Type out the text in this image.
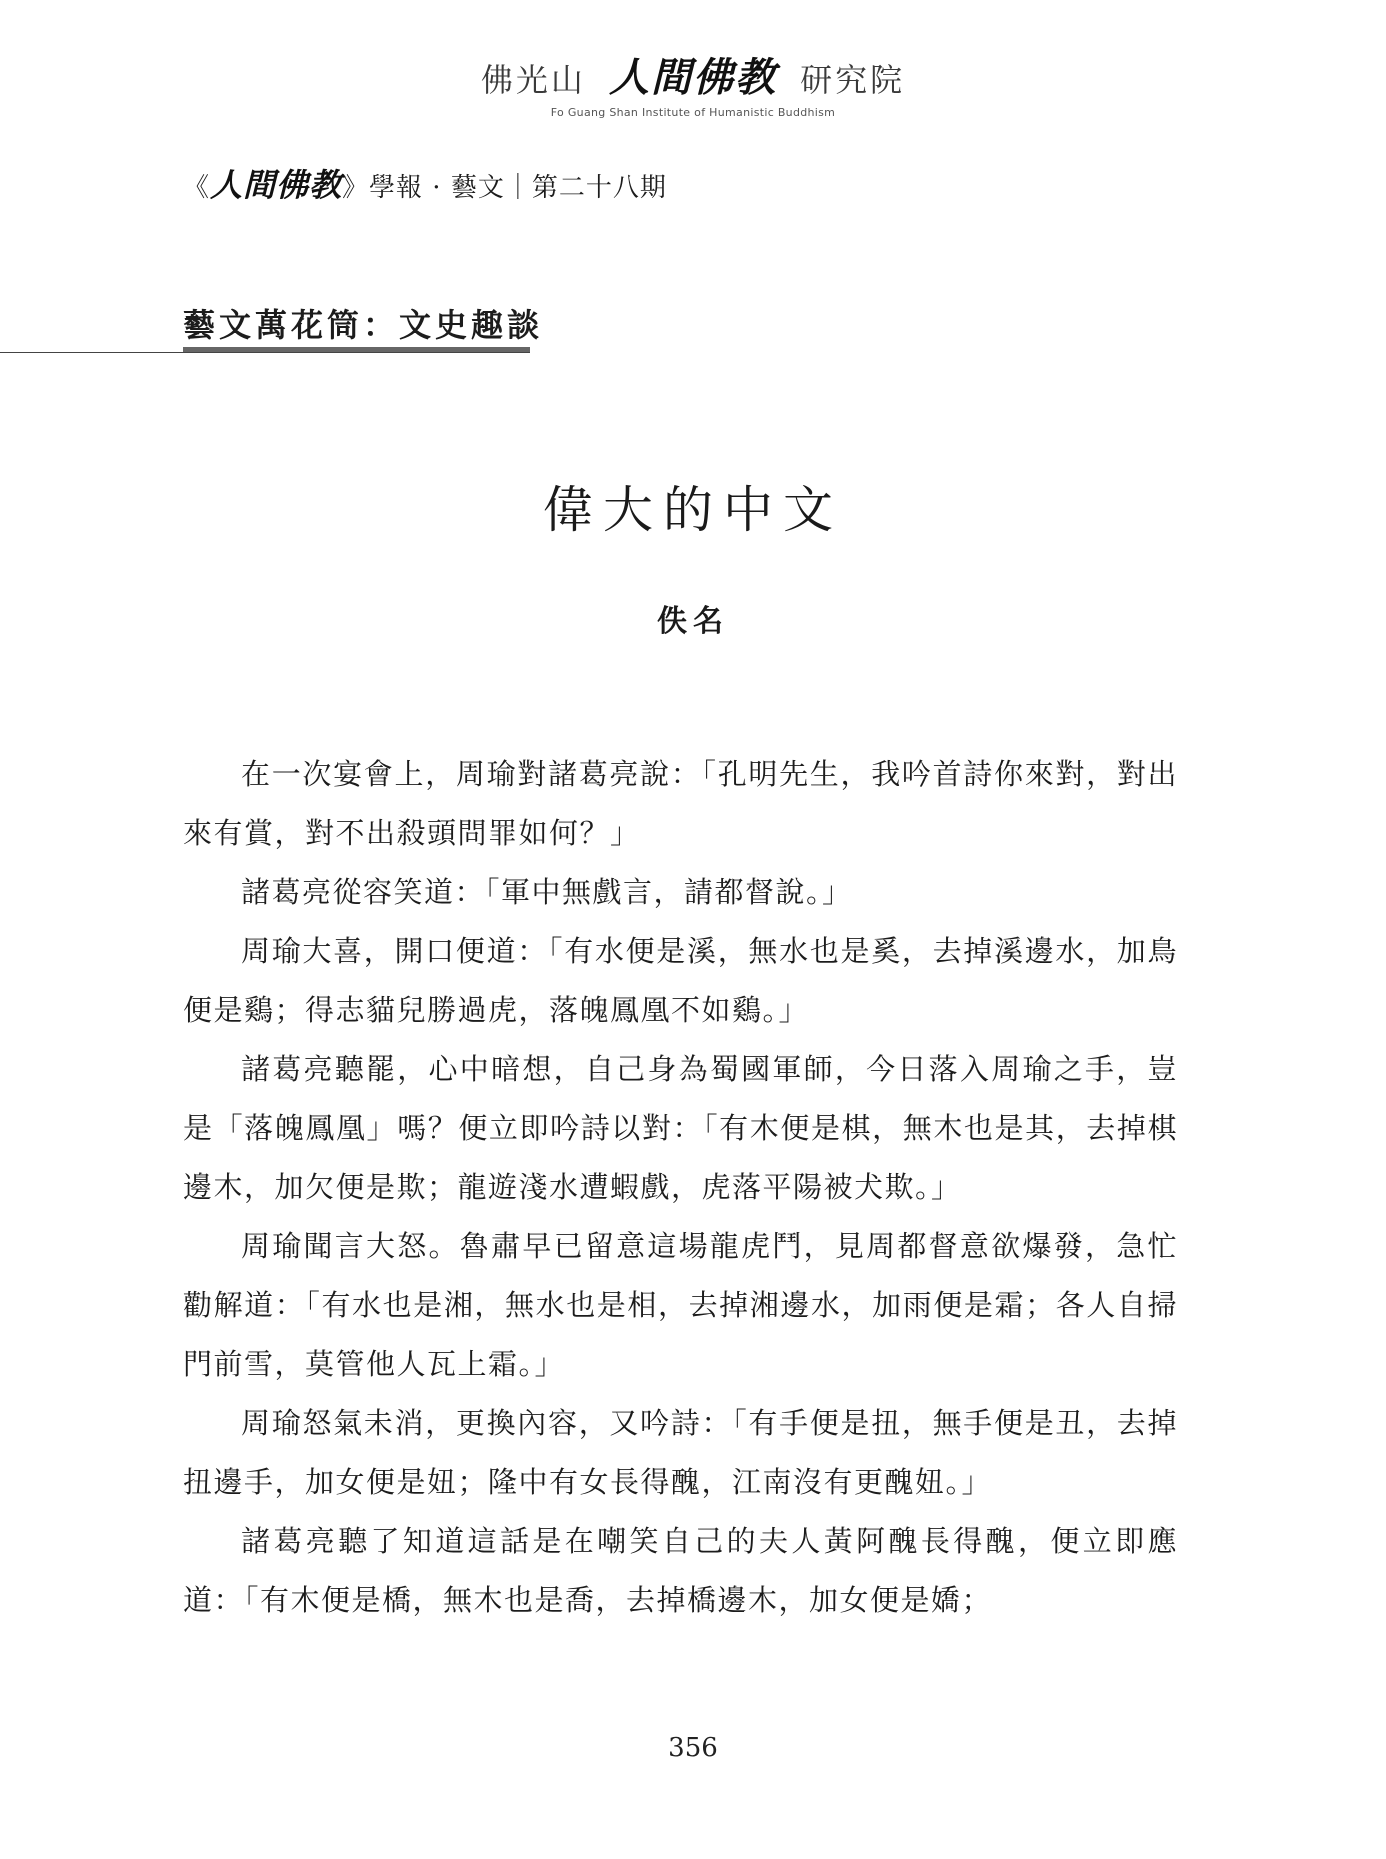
佛光山 人間佛教 研究院
Fo Guang Shan Institute of Humanistic Buddhism
《人間佛教》學報 · 藝文｜第二十八期
藝文萬花筒：文史趣談
偉大的中文
佚名

在一次宴會上，周瑜對諸葛亮說：「孔明先生，我吟首詩你來對，對出來有賞，對不出殺頭問罪如何？」

諸葛亮從容笑道：「軍中無戲言，請都督說。」

周瑜大喜，開口便道：「有水便是溪，無水也是奚，去掉溪邊水，加鳥便是鷄；得志貓兒勝過虎，落魄鳳凰不如鷄。」

諸葛亮聽罷，心中暗想，自己身為蜀國軍師，今日落入周瑜之手，豈是「落魄鳳凰」嗎？便立即吟詩以對：「有木便是棋，無木也是其，去掉棋邊木，加欠便是欺；龍遊淺水遭蝦戲，虎落平陽被犬欺。」

周瑜聞言大怒。魯肅早已留意這場龍虎鬥，見周都督意欲爆發，急忙勸解道：「有水也是湘，無水也是相，去掉湘邊水，加雨便是霜；各人自掃門前雪，莫管他人瓦上霜。」

周瑜怒氣未消，更換內容，又吟詩：「有手便是扭，無手便是丑，去掉扭邊手，加女便是妞；隆中有女長得醜，江南沒有更醜妞。」

諸葛亮聽了知道這話是在嘲笑自己的夫人黃阿醜長得醜，便立即應道：「有木便是橋，無木也是喬，去掉橋邊木，加女便是嬌；

356
